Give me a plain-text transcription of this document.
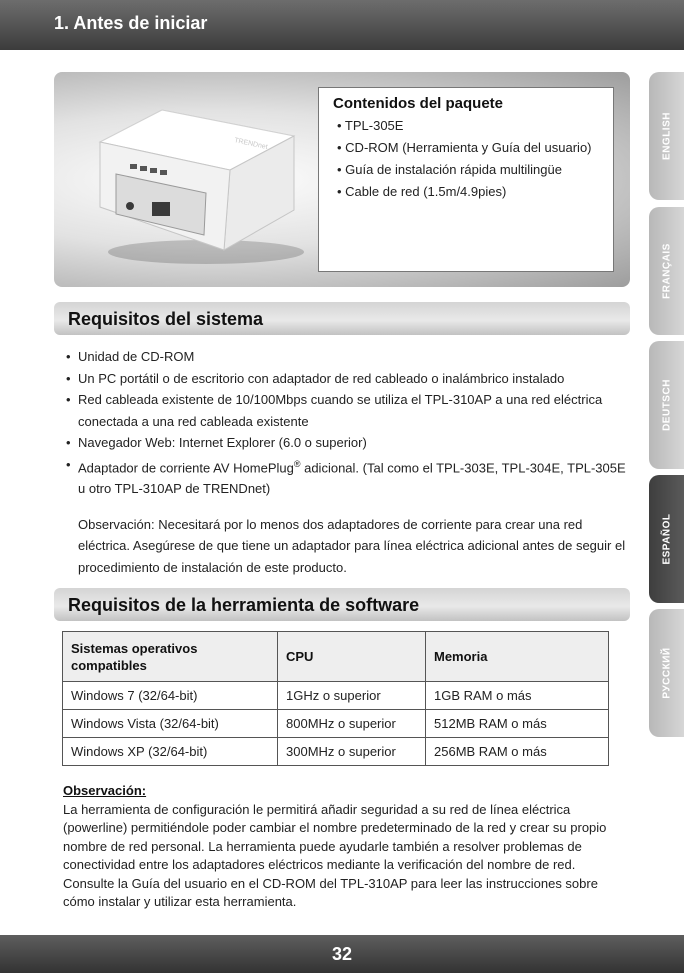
1. Antes de iniciar
ENGLISH
FRANÇAIS
DEUTSCH
ESPAÑOL
РУССКИЙ
TRENDnet
Contenidos del paquete
• TPL-305E
• CD-ROM (Herramienta y Guía del usuario)
• Guía de instalación rápida multilingüe
• Cable de red (1.5m/4.9pies)
Requisitos del sistema
• Unidad de CD-ROM
• Un PC portátil o de escritorio con adaptador de red cableado o inalámbrico instalado
• Red cableada existente de 10/100Mbps cuando se utiliza el TPL-310AP a una red eléctrica conectada a una red cableada existente
• Navegador Web: Internet Explorer (6.0 o superior)
• Adaptador de corriente AV HomePlug® adicional. (Tal como el TPL-303E, TPL-304E, TPL-305E u otro TPL-310AP de TRENDnet)
Observación: Necesitará por lo menos dos adaptadores de corriente para crear una red eléctrica. Asegúrese de que tiene un adaptador para línea eléctrica adicional antes de seguir el procedimiento de instalación de este producto.
Requisitos de la herramienta de software
Sistemas operativos compatibles	CPU	Memoria
Windows 7 (32/64-bit)	1GHz o superior	1GB RAM o más
Windows Vista (32/64-bit)	800MHz o superior	512MB RAM o más
Windows XP (32/64-bit)	300MHz o superior	256MB RAM o más
Observación:
La herramienta de configuración le permitirá añadir seguridad a su red de línea eléctrica (powerline) permitiéndole poder cambiar el nombre predeterminado de la red y crear su propio nombre de red personal. La herramienta puede ayudarle también a resolver problemas de conectividad entre los adaptadores eléctricos mediante la verificación del nombre de red. Consulte la Guía del usuario en el CD-ROM del TPL-310AP para leer las instrucciones sobre cómo instalar y utilizar esta herramienta.
32
